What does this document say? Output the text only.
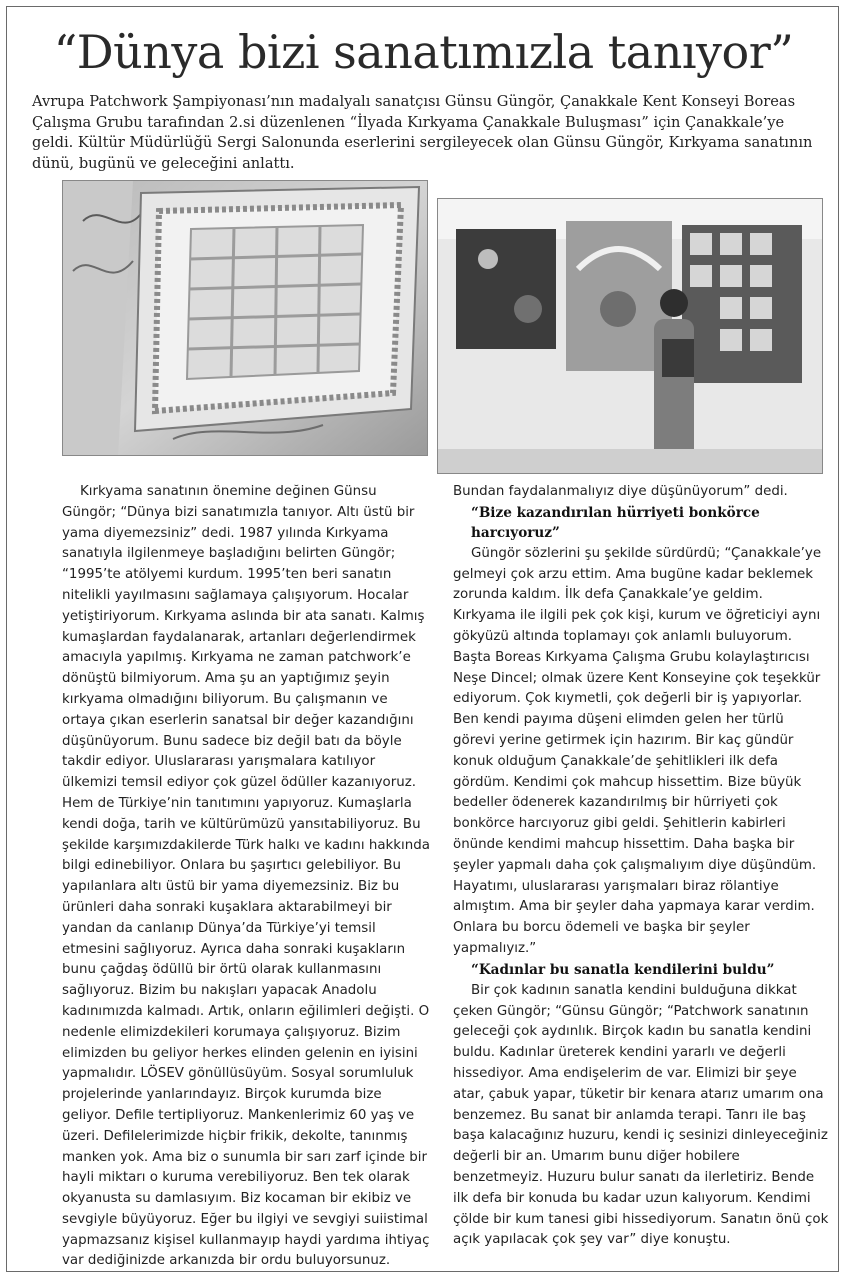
“Dünya bizi sanatımızla tanıyor”
Avrupa Patchwork Şampiyonası’nın madalyalı sanatçısı Günsu Güngör, Çanakkale Kent Konseyi Boreas Çalışma Grubu tarafından 2.si düzenlenen “İlyada Kırkyama Çanakkale Buluşması” için Çanakkale’ye geldi. Kültür Müdürlüğü Sergi Salonunda eserlerini sergileyecek olan Günsu Güngör, Kırkyama sanatının dünü, bugünü ve geleceğini anlattı.

Kırkyama sanatının önemine değinen Günsu Güngör; “Dünya bizi sanatımızla tanıyor. Altı üstü bir yama diyemezsiniz” dedi. 1987 yılında Kırkyama sanatıyla ilgilenmeye başladığını belirten Güngör; “1995’te atölyemi kurdum. 1995’ten beri sanatın nitelikli yayılmasını sağlamaya çalışıyorum. Hocalar yetiştiriyorum. Kırkyama aslında bir ata sanatı. Kalmış kumaşlardan faydalanarak, artanları değerlendirmek amacıyla yapılmış. Kırkyama ne zaman patchwork’e dönüştü bilmiyorum. Ama şu an yaptığımız şeyin kırkyama olmadığını biliyorum. Bu çalışmanın ve ortaya çıkan eserlerin sanatsal bir değer kazandığını düşünüyorum. Bunu sadece biz değil batı da böyle takdir ediyor. Uluslararası yarışmalara katılıyor ülkemizi temsil ediyor çok güzel ödüller kazanıyoruz. Hem de Türkiye’nin tanıtımını yapıyoruz. Kumaşlarla kendi doğa, tarih ve kültürümüzü yansıtabiliyoruz. Bu şekilde karşımızdakilerde Türk halkı ve kadını hakkında bilgi edinebiliyor. Onlara bu şaşırtıcı gelebiliyor. Bu yapılanlara altı üstü bir yama diyemezsiniz. Biz bu ürünleri daha sonraki kuşaklara aktarabilmeyi bir yandan da canlanıp Dünya’da Türkiye’yi temsil etmesini sağlıyoruz. Ayrıca daha sonraki kuşakların bunu çağdaş ödüllü bir örtü olarak kullanmasını sağlıyoruz. Bizim bu nakışları yapacak Anadolu kadınımızda kalmadı. Artık, onların eğilimleri değişti. O nedenle elimizdekileri korumaya çalışıyoruz. Bizim elimizden bu geliyor herkes elinden gelenin en iyisini yapmalıdır. LÖSEV gönüllüsüyüm. Sosyal sorumluluk projelerinde yanlarındayız. Birçok kurumda bize geliyor. Defile tertipliyoruz. Mankenlerimiz 60 yaş ve üzeri. Defilelerimizde hiçbir frikik, dekolte, tanınmış manken yok. Ama biz o sunumla bir sarı zarf içinde bir hayli miktarı o kuruma verebiliyoruz. Ben tek olarak okyanusta su damlasıyım. Biz kocaman bir ekibiz ve sevgiyle büyüyoruz. Eğer bu ilgiyi ve sevgiyi suiistimal yapmazsanız kişisel kullanmayıp haydi yardıma ihtiyaç var dediğinizde arkanızda bir ordu buluyorsunuz.

Bundan faydalanmalıyız diye düşünüyorum” dedi.

“Bize kazandırılan hürriyeti bonkörce harcıyoruz”

Güngör sözlerini şu şekilde sürdürdü; “Çanakkale’ye gelmeyi çok arzu ettim. Ama bugüne kadar beklemek zorunda kaldım. İlk defa Çanakkale’ye geldim. Kırkyama ile ilgili pek çok kişi, kurum ve öğreticiyi aynı gökyüzü altında toplamayı çok anlamlı buluyorum. Başta Boreas Kırkyama Çalışma Grubu kolaylaştırıcısı Neşe Dincel; olmak üzere Kent Konseyine çok teşekkür ediyorum. Çok kıymetli, çok değerli bir iş yapıyorlar. Ben kendi payıma düşeni elimden gelen her türlü görevi yerine getirmek için hazırım. Bir kaç gündür konuk olduğum Çanakkale’de şehitlikleri ilk defa gördüm. Kendimi çok mahcup hissettim. Bize büyük bedeller ödenerek kazandırılmış bir hürriyeti çok bonkörce harcıyoruz gibi geldi. Şehitlerin kabirleri önünde kendimi mahcup hissettim. Daha başka bir şeyler yapmalı daha çok çalışmalıyım diye düşündüm. Hayatımı, uluslararası yarışmaları biraz rölantiye almıştım. Ama bir şeyler daha yapmaya karar verdim. Onlara bu borcu ödemeli ve başka bir şeyler yapmalıyız.”

“Kadınlar bu sanatla kendilerini buldu”

Bir çok kadının sanatla kendini bulduğuna dikkat çeken Güngör; “Günsu Güngör; “Patchwork sanatının geleceği çok aydınlık. Birçok kadın bu sanatla kendini buldu. Kadınlar üreterek kendini yararlı ve değerli hissediyor. Ama endişelerim de var. Elimizi bir şeye atar, çabuk yapar, tüketir bir kenara atarız umarım ona benzemez. Bu sanat bir anlamda terapi. Tanrı ile baş başa kalacağınız huzuru, kendi iç sesinizi dinleyeceğiniz değerli bir an. Umarım bunu diğer hobilere benzetmeyiz. Huzuru bulur sanatı da ilerletiriz. Bende ilk defa bir konuda bu kadar uzun kalıyorum. Kendimi çölde bir kum tanesi gibi hissediyorum. Sanatın önü çok açık yapılacak çok şey var” diye konuştu.
